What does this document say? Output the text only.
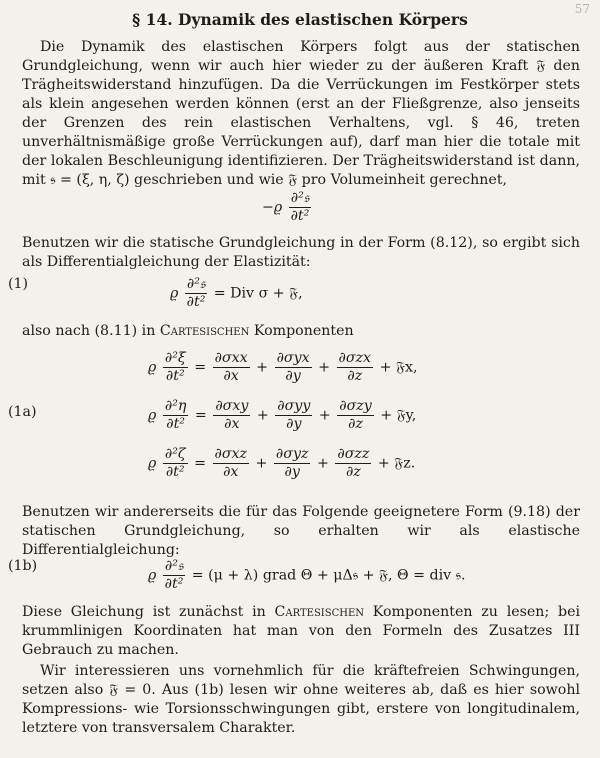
57
§ 14. Dynamik des elastischen Körpers

Die Dynamik des elastischen Körpers folgt aus der statischen Grundgleichung, wenn wir auch hier wieder zu der äußeren Kraft 𝔉 den Trägheitswiderstand hinzufügen. Da die Verrückungen im Festkörper stets als klein angesehen werden können (erst an der Fließgrenze, also jenseits der Grenzen des rein elastischen Verhaltens, vgl. § 46, treten unverhältnismäßige große Verrückungen auf), darf man hier die totale mit der lokalen Beschleunigung identifizieren. Der Trägheitswiderstand ist dann, mit 𝔰 = (ξ, η, ζ) geschrieben und wie 𝔉 pro Volumeinheit gerechnet,

$-ϱ \frac{\text{∂²𝔰}}{\text{∂t²}}$

Benutzen wir die statische Grundgleichung in der Form (8.12), so ergibt sich als Differentialgleichung der Elastizität:

(1)
ϱ $\frac{\text{∂²𝔰}}{\text{∂t²}}$ = Div σ + 𝔉,

also nach (8.11) in Cartesischen Komponenten

(1a)
ϱ $\frac{\text{∂²ξ}}{\text{∂t²}} = \frac{\text{∂σxx}}{\partial x} + \frac{\text{∂σyx}}{\partial y} + \frac{\text{∂σzx}}{\partial z}$ + 𝔉x,
ϱ $\frac{\text{∂²η}}{\text{∂t²}} = \frac{\text{∂σxy}}{\partial x} + \frac{\text{∂σyy}}{\partial y} + \frac{\text{∂σzy}}{\partial z}$ + 𝔉y,
ϱ $\frac{\text{∂²ζ}}{\text{∂t²}} = \frac{\text{∂σxz}}{\partial x} + \frac{\text{∂σyz}}{\partial y} + \frac{\text{∂σzz}}{\partial z}$ + 𝔉z.

Benutzen wir andererseits die für das Folgende geeignetere Form (9.18) der statischen Grundgleichung, so erhalten wir als elastische Differentialgleichung:

(1b)
ϱ $\frac{\text{∂²𝔰}}{\text{∂t²}} = (\mu + \lambda)$ grad Θ + μΔ𝔰 + 𝔉, Θ = div 𝔰.

Diese Gleichung ist zunächst in Cartesischen Komponenten zu lesen; bei krummlinigen Koordinaten hat man von den Formeln des Zusatzes III Gebrauch zu machen.

Wir interessieren uns vornehmlich für die kräftefreien Schwingungen, setzen also 𝔉 = 0. Aus (1b) lesen wir ohne weiteres ab, daß es hier sowohl Kompressions- wie Torsionsschwingungen gibt, erstere von longitudinalem, letztere von transversalem Charakter.
